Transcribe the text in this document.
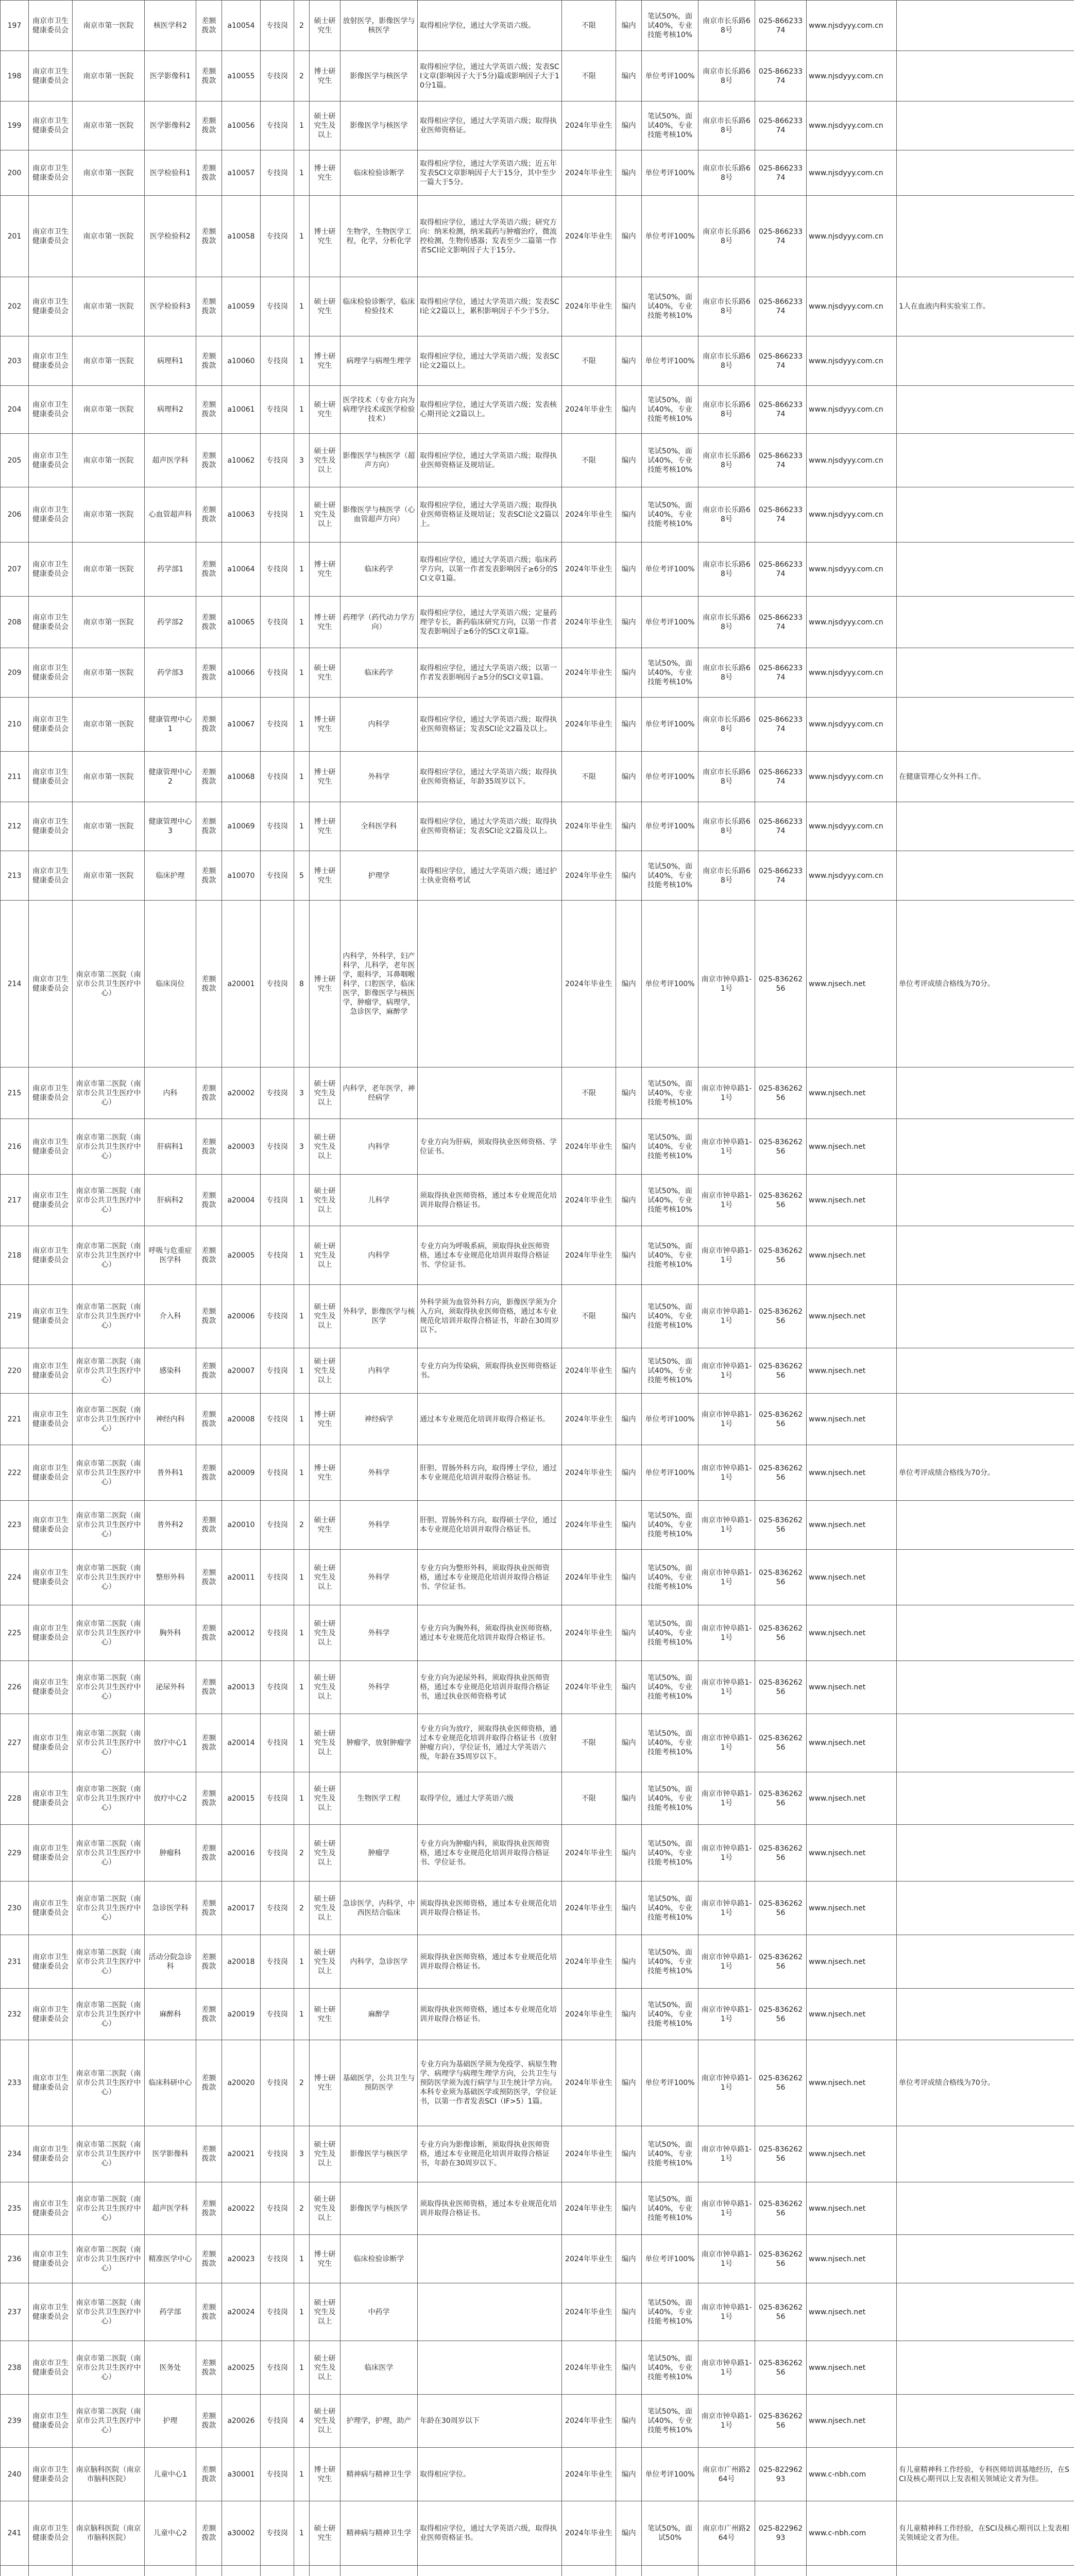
197	南京市卫生健康委员会	南京市第一医院	核医学科2	差额拨款	a10054	专技岗	2	硕士研究生	放射医学，影像医学与核医学	取得相应学位，通过大学英语六级。	不限	编内	笔试50%，面试40%，专业技能考核10%	南京市长乐路68号	025-86623374	www.njsdyyy.com.cn	
198	南京市卫生健康委员会	南京市第一医院	医学影像科1	差额拨款	a10055	专技岗	2	博士研究生	影像医学与核医学	取得相应学位，通过大学英语六级；发表SCI文章(影响因子大于5分)篇或影响因子大于10分1篇。	不限	编内	单位考评100%	南京市长乐路68号	025-86623374	www.njsdyyy.com.cn	
199	南京市卫生健康委员会	南京市第一医院	医学影像科2	差额拨款	a10056	专技岗	1	硕士研究生及以上	影像医学与核医学	取得相应学位，通过大学英语六级；取得执业医师资格证。	2024年毕业生	编内	笔试50%，面试40%，专业技能考核10%	南京市长乐路68号	025-86623374	www.njsdyyy.com.cn	
200	南京市卫生健康委员会	南京市第一医院	医学检验科1	差额拨款	a10057	专技岗	1	博士研究生	临床检验诊断学	取得相应学位，通过大学英语六级；近五年发表SCI文章影响因子大于15分，其中至少一篇大于5分。	2024年毕业生	编内	单位考评100%	南京市长乐路68号	025-86623374	www.njsdyyy.com.cn	
201	南京市卫生健康委员会	南京市第一医院	医学检验科2	差额拨款	a10058	专技岗	1	博士研究生	生物学，生物医学工程，化学，分析化学	取得相应学位，通过大学英语六级；研究方向：纳米检测，纳米载药与肿瘤治疗，微流控检测，生物传感器；发表至少二篇第一作者SCI论文影响因子大于15分。	2024年毕业生	编内	单位考评100%	南京市长乐路68号	025-86623374	www.njsdyyy.com.cn	
202	南京市卫生健康委员会	南京市第一医院	医学检验科3	差额拨款	a10059	专技岗	1	硕士研究生	临床检验诊断学，临床检验技术	取得相应学位，通过大学英语六级；发表SCI论文2篇以上，累积影响因子不少于5分。	2024年毕业生	编内	笔试50%，面试40%，专业技能考核10%	南京市长乐路68号	025-86623374	www.njsdyyy.com.cn	1人在血液内科实验室工作。
203	南京市卫生健康委员会	南京市第一医院	病理科1	差额拨款	a10060	专技岗	1	博士研究生	病理学与病理生理学	取得相应学位，通过大学英语六级；发表SCI论文2篇以上。	不限	编内	单位考评100%	南京市长乐路68号	025-86623374	www.njsdyyy.com.cn	
204	南京市卫生健康委员会	南京市第一医院	病理科2	差额拨款	a10061	专技岗	1	硕士研究生	医学技术（专业方向为病理学技术或医学检验技术）	取得相应学位，通过大学英语六级；发表核心期刊论文2篇以上。	2024年毕业生	编内	笔试50%，面试40%，专业技能考核10%	南京市长乐路68号	025-86623374	www.njsdyyy.com.cn	
205	南京市卫生健康委员会	南京市第一医院	超声医学科	差额拨款	a10062	专技岗	3	硕士研究生及以上	影像医学与核医学（超声方向）	取得相应学位，通过大学英语六级；取得执业医师资格证及规培证。	不限	编内	笔试50%，面试40%，专业技能考核10%	南京市长乐路68号	025-86623374	www.njsdyyy.com.cn	
206	南京市卫生健康委员会	南京市第一医院	心血管超声科	差额拨款	a10063	专技岗	1	硕士研究生及以上	影像医学与核医学（心血管超声方向）	取得相应学位，通过大学英语六级；取得执业医师资格证及规培证；发表SCI论文2篇以上。	2024年毕业生	编内	笔试50%，面试40%，专业技能考核10%	南京市长乐路68号	025-86623374	www.njsdyyy.com.cn	
207	南京市卫生健康委员会	南京市第一医院	药学部1	差额拨款	a10064	专技岗	1	博士研究生	临床药学	取得相应学位，通过大学英语六级；临床药学方向，以第一作者发表影响因子≥6分的SCI文章1篇。	2024年毕业生	编内	单位考评100%	南京市长乐路68号	025-86623374	www.njsdyyy.com.cn	
208	南京市卫生健康委员会	南京市第一医院	药学部2	差额拨款	a10065	专技岗	1	博士研究生	药理学（药代动力学方向）	取得相应学位，通过大学英语六级；定量药理学专长，新药临床研究方向，以第一作者发表影响因子≥6分的SCI文章1篇。	2024年毕业生	编内	单位考评100%	南京市长乐路68号	025-86623374	www.njsdyyy.com.cn	
209	南京市卫生健康委员会	南京市第一医院	药学部3	差额拨款	a10066	专技岗	1	硕士研究生	临床药学	取得相应学位，通过大学英语六级；以第一作者发表影响因子≥5分的SCI文章1篇。	2024年毕业生	编内	笔试50%，面试40%，专业技能考核10%	南京市长乐路68号	025-86623374	www.njsdyyy.com.cn	
210	南京市卫生健康委员会	南京市第一医院	健康管理中心1	差额拨款	a10067	专技岗	1	博士研究生	内科学	取得相应学位，通过大学英语六级；取得执业医师资格证；发表SCI论文2篇及以上。	2024年毕业生	编内	单位考评100%	南京市长乐路68号	025-86623374	www.njsdyyy.com.cn	
211	南京市卫生健康委员会	南京市第一医院	健康管理中心2	差额拨款	a10068	专技岗	1	博士研究生	外科学	取得相应学位，通过大学英语六级；取得执业医师资格证，年龄35周岁以下。	不限	编内	单位考评100%	南京市长乐路68号	025-86623374	www.njsdyyy.com.cn	在健康管理心女外科工作。
212	南京市卫生健康委员会	南京市第一医院	健康管理中心3	差额拨款	a10069	专技岗	1	博士研究生	全科医学科	取得相应学位，通过大学英语六级；取得执业医师资格证；发表SCI论文2篇及以上。	2024年毕业生	编内	单位考评100%	南京市长乐路68号	025-86623374	www.njsdyyy.com.cn	
213	南京市卫生健康委员会	南京市第一医院	临床护理	差额拨款	a10070	专技岗	5	博士研究生	护理学	取得相应学位，通过大学英语六级；通过护士执业资格考试	2024年毕业生	编内	笔试50%，面试40%，专业技能考核10%	南京市长乐路68号	025-86623374	www.njsdyyy.com.cn	
214	南京市卫生健康委员会	南京市第二医院（南京市公共卫生医疗中心）	临床岗位	差额拨款	a20001	专技岗	8	博士研究生	内科学，外科学，妇产科学，儿科学，老年医学，眼科学，耳鼻咽喉科学，口腔医学，临床医学，影像医学与核医学，肿瘤学，病理学，急诊医学，麻醉学		2024年毕业生	编内	单位考评100%	南京市钟阜路1-1号	025-83626256	www.njsech.net	单位考评成绩合格线为70分。
215	南京市卫生健康委员会	南京市第二医院（南京市公共卫生医疗中心）	内科	差额拨款	a20002	专技岗	3	硕士研究生及以上	内科学，老年医学，神经病学		不限	编内	笔试50%，面试40%，专业技能考核10%	南京市钟阜路1-1号	025-83626256	www.njsech.net	
216	南京市卫生健康委员会	南京市第二医院（南京市公共卫生医疗中心）	肝病科1	差额拨款	a20003	专技岗	3	硕士研究生及以上	内科学	专业方向为肝病，须取得执业医师资格、学位证书。	2024年毕业生	编内	笔试50%，面试40%，专业技能考核10%	南京市钟阜路1-1号	025-83626256	www.njsech.net	
217	南京市卫生健康委员会	南京市第二医院（南京市公共卫生医疗中心）	肝病科2	差额拨款	a20004	专技岗	1	硕士研究生及以上	儿科学	须取得执业医师资格，通过本专业规范化培训并取得合格证书。	2024年毕业生	编内	笔试50%，面试40%，专业技能考核10%	南京市钟阜路1-1号	025-83626256	www.njsech.net	
218	南京市卫生健康委员会	南京市第二医院（南京市公共卫生医疗中心）	呼吸与危重症医学科	差额拨款	a20005	专技岗	1	硕士研究生及以上	内科学	专业方向为呼吸系病，须取得执业医师资格，通过本专业规范化培训并取得合格证书、学位证书。	2024年毕业生	编内	笔试50%，面试40%，专业技能考核10%	南京市钟阜路1-1号	025-83626256	www.njsech.net	
219	南京市卫生健康委员会	南京市第二医院（南京市公共卫生医疗中心）	介入科	差额拨款	a20006	专技岗	1	硕士研究生及以上	外科学，影像医学与核医学	外科学须为血管外科方向，影像医学须为介入方向，须取得执业医师资格，通过本专业规范化培训并取得合格证书，年龄在30周岁以下。	不限	编内	笔试50%，面试40%，专业技能考核10%	南京市钟阜路1-1号	025-83626256	www.njsech.net	
220	南京市卫生健康委员会	南京市第二医院（南京市公共卫生医疗中心）	感染科	差额拨款	a20007	专技岗	1	硕士研究生及以上	内科学	专业方向为传染病，须取得执业医师资格证书。	2024年毕业生	编内	笔试50%，面试40%，专业技能考核10%	南京市钟阜路1-1号	025-83626256	www.njsech.net	
221	南京市卫生健康委员会	南京市第二医院（南京市公共卫生医疗中心）	神经内科	差额拨款	a20008	专技岗	1	博士研究生	神经病学	通过本专业规范化培训并取得合格证书。	2024年毕业生	编内	单位考评100%	南京市钟阜路1-1号	025-83626256	www.njsech.net	
222	南京市卫生健康委员会	南京市第二医院（南京市公共卫生医疗中心）	普外科1	差额拨款	a20009	专技岗	1	博士研究生	外科学	肝胆、胃肠外科方向，取得博士学位，通过本专业规范化培训并取得合格证书。	2024年毕业生	编内	单位考评100%	南京市钟阜路1-1号	025-83626256	www.njsech.net	单位考评成绩合格线为70分。
223	南京市卫生健康委员会	南京市第二医院（南京市公共卫生医疗中心）	普外科2	差额拨款	a20010	专技岗	2	硕士研究生	外科学	肝胆、胃肠外科方向，取得硕士学位，通过本专业规范化培训并取得合格证书。	2024年毕业生	编内	笔试50%，面试40%，专业技能考核10%	南京市钟阜路1-1号	025-83626256	www.njsech.net	
224	南京市卫生健康委员会	南京市第二医院（南京市公共卫生医疗中心）	整形外科	差额拨款	a20011	专技岗	1	硕士研究生及以上	外科学	专业方向为整形外科，须取得执业医师资格，通过本专业规范化培训并取得合格证书、学位证书。	2024年毕业生	编内	笔试50%，面试40%，专业技能考核10%	南京市钟阜路1-1号	025-83626256	www.njsech.net	
225	南京市卫生健康委员会	南京市第二医院（南京市公共卫生医疗中心）	胸外科	差额拨款	a20012	专技岗	1	硕士研究生及以上	外科学	专业方向为胸外科，须取得执业医师资格，通过本专业规范化培训并取得合格证书。	2024年毕业生	编内	笔试50%，面试40%，专业技能考核10%	南京市钟阜路1-1号	025-83626256	www.njsech.net	
226	南京市卫生健康委员会	南京市第二医院（南京市公共卫生医疗中心）	泌尿外科	差额拨款	a20013	专技岗	1	硕士研究生及以上	外科学	专业方向为泌尿外科，须取得执业医师资格，通过本专业规范化培训并取得合格证书，通过执业医师资格考试	2024年毕业生	编内	笔试50%，面试40%，专业技能考核10%	南京市钟阜路1-1号	025-83626256	www.njsech.net	
227	南京市卫生健康委员会	南京市第二医院（南京市公共卫生医疗中心）	放疗中心1	差额拨款	a20014	专技岗	1	硕士研究生及以上	肿瘤学，放射肿瘤学	专业方向为放疗，须取得执业医师资格，通过本专业规范化培训并取得合格证书（放射肿瘤方向），学位证书，通过大学英语六级，年龄在35周岁以下。	不限	编内	笔试50%，面试40%，专业技能考核10%	南京市钟阜路1-1号	025-83626256	www.njsech.net	
228	南京市卫生健康委员会	南京市第二医院（南京市公共卫生医疗中心）	放疗中心2	差额拨款	a20015	专技岗	1	硕士研究生及以上	生物医学工程	取得学位，通过大学英语六级	不限	编内	笔试50%，面试40%，专业技能考核10%	南京市钟阜路1-1号	025-83626256	www.njsech.net	
229	南京市卫生健康委员会	南京市第二医院（南京市公共卫生医疗中心）	肿瘤科	差额拨款	a20016	专技岗	2	硕士研究生及以上	肿瘤学	专业方向为肿瘤内科，须取得执业医师资格，通过本专业规范化培训并取得合格证书、学位证书。	2024年毕业生	编内	笔试50%，面试40%，专业技能考核10%	南京市钟阜路1-1号	025-83626256	www.njsech.net	
230	南京市卫生健康委员会	南京市第二医院（南京市公共卫生医疗中心）	急诊医学科	差额拨款	a20017	专技岗	2	硕士研究生及以上	急诊医学，内科学，中西医结合临床	须取得执业医师资格，通过本专业规范化培训并取得合格证书。	2024年毕业生	编内	笔试50%，面试40%，专业技能考核10%	南京市钟阜路1-1号	025-83626256	www.njsech.net	
231	南京市卫生健康委员会	南京市第二医院（南京市公共卫生医疗中心）	活动分院急诊科	差额拨款	a20018	专技岗	1	硕士研究生及以上	内科学，急诊医学	须取得执业医师资格，通过本专业规范化培训并取得合格证书。	2024年毕业生	编内	笔试50%，面试40%，专业技能考核10%	南京市钟阜路1-1号	025-83626256	www.njsech.net	
232	南京市卫生健康委员会	南京市第二医院（南京市公共卫生医疗中心）	麻醉科	差额拨款	a20019	专技岗	1	硕士研究生	麻醉学	须取得执业医师资格，通过本专业规范化培训并取得合格证书。	2024年毕业生	编内	笔试50%，面试40%，专业技能考核10%	南京市钟阜路1-1号	025-83626256	www.njsech.net	
233	南京市卫生健康委员会	南京市第二医院（南京市公共卫生医疗中心）	临床科研中心	差额拨款	a20020	专技岗	2	博士研究生	基础医学，公共卫生与预防医学	专业方向为基础医学须为免疫学、病原生物学、病理学与病理生理学方向，公共卫生与预防医学须为流行病学与卫生统计学方向。本科专业须为基础医学或预防医学，学位证书，以第一作者发表SCI（IF>5）1篇。	2024年毕业生	编内	单位考评100%	南京市钟阜路1-1号	025-83626256	www.njsech.net	单位考评成绩合格线为70分。
234	南京市卫生健康委员会	南京市第二医院（南京市公共卫生医疗中心）	医学影像科	差额拨款	a20021	专技岗	3	硕士研究生及以上	影像医学与核医学	专业方向为影像诊断，须取得执业医师资格，通过本专业规范化培训并取得合格证书，年龄在30周岁以下。	2024年毕业生	编内	笔试50%，面试40%，专业技能考核10%	南京市钟阜路1-1号	025-83626256	www.njsech.net	
235	南京市卫生健康委员会	南京市第二医院（南京市公共卫生医疗中心）	超声医学科	差额拨款	a20022	专技岗	2	硕士研究生及以上	影像医学与核医学	须取得执业医师资格，通过本专业规范化培训并取得合格证书。	2024年毕业生	编内	笔试50%，面试40%，专业技能考核10%	南京市钟阜路1-1号	025-83626256	www.njsech.net	
236	南京市卫生健康委员会	南京市第二医院（南京市公共卫生医疗中心）	精准医学中心	差额拨款	a20023	专技岗	1	博士研究生	临床检验诊断学		2024年毕业生	编内	单位考评100%	南京市钟阜路1-1号	025-83626256	www.njsech.net	
237	南京市卫生健康委员会	南京市第二医院（南京市公共卫生医疗中心）	药学部	差额拨款	a20024	专技岗	1	硕士研究生及以上	中药学		2024年毕业生	编内	笔试50%，面试40%，专业技能考核10%	南京市钟阜路1-1号	025-83626256	www.njsech.net	
238	南京市卫生健康委员会	南京市第二医院（南京市公共卫生医疗中心）	医务处	差额拨款	a20025	专技岗	1	硕士研究生及以上	临床医学		2024年毕业生	编内	笔试50%，面试40%，专业技能考核10%	南京市钟阜路1-1号	025-83626256	www.njsech.net	
239	南京市卫生健康委员会	南京市第二医院（南京市公共卫生医疗中心）	护理	差额拨款	a20026	专技岗	4	硕士研究生及以上	护理学，护理，助产	年龄在30周岁以下	2024年毕业生	编内	笔试50%，面试40%，专业技能考核10%	南京市钟阜路1-1号	025-83626256	www.njsech.net	
240	南京市卫生健康委员会	南京脑科医院（南京市脑科医院）	儿童中心1	差额拨款	a30001	专技岗	1	博士研究生	精神病与精神卫生学	取得相应学位。	2024年毕业生	编内	单位考评100%	南京市广州路264号	025-82296293	www.c-nbh.com	有儿童精神科工作经验，专科医师培训基地经历，在SCI及核心期刊以上发表相关领域论文者为佳。
241	南京市卫生健康委员会	南京脑科医院（南京市脑科医院）	儿童中心2	差额拨款	a30002	专技岗	1	硕士研究生	精神病与精神卫生学	取得相应学位，通过大学英语六级，取得执业医师资格证书。	2024年毕业生	编内	笔试50%，面试50%	南京市广州路264号	025-82296293	www.c-nbh.com	有儿童精神科工作经验，在SCI及核心期刊以上发表相关领域论文者为佳。
